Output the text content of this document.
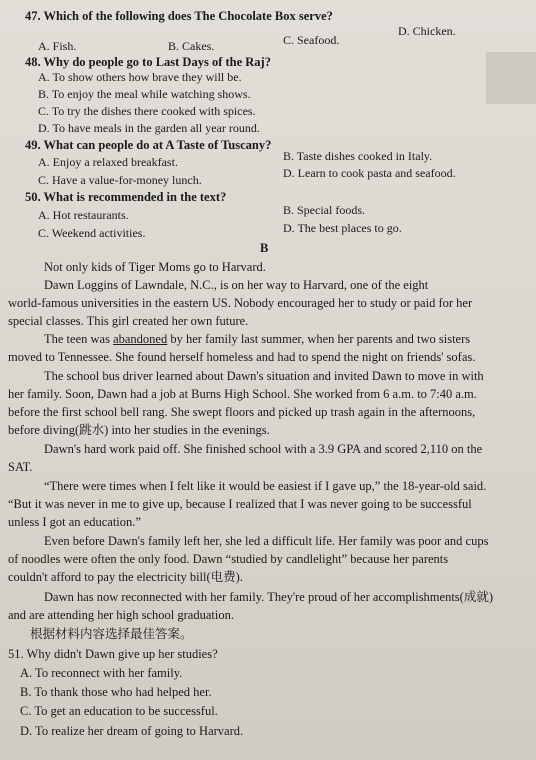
47. Which of the following does The Chocolate Box serve?
A. Fish.	B. Cakes.	C. Seafood.
D. Chicken.
48. Why do people go to Last Days of the Raj?
A. To show others how brave they will be.
B. To enjoy the meal while watching shows.
C. To try the dishes there cooked with spices.
D. To have meals in the garden all year round.
49. What can people do at A Taste of Tuscany?
A. Enjoy a relaxed breakfast.	B. Taste dishes cooked in Italy.
C. Have a value-for-money lunch.	D. Learn to cook pasta and seafood.
50. What is recommended in the text?
A. Hot restaurants.	B. Special foods.
C. Weekend activities.	D. The best places to go.
B
Not only kids of Tiger Moms go to Harvard.
Dawn Loggins of Lawndale, N.C., is on her way to Harvard, one of the eight
world-famous universities in the eastern US. Nobody encouraged her to study or paid for her
special classes. This girl created her own future.
The teen was abandoned by her family last summer, when her parents and two sisters
moved to Tennessee. She found herself homeless and had to spend the night on friends' sofas.
The school bus driver learned about Dawn's situation and invited Dawn to move in with
her family. Soon, Dawn had a job at Burns High School. She worked from 6 a.m. to 7:40 a.m.
before the first school bell rang. She swept floors and picked up trash again in the afternoons,
before diving(跳水) into her studies in the evenings.
Dawn's hard work paid off. She finished school with a 3.9 GPA and scored 2,110 on the
SAT.
“There were times when I felt like it would be easiest if I gave up,” the 18-year-old said.
“But it was never in me to give up, because I realized that I was never going to be successful
unless I got an education.”
Even before Dawn's family left her, she led a difficult life. Her family was poor and cups
of noodles were often the only food. Dawn “studied by candlelight” because her parents
couldn't afford to pay the electricity bill(电费).
Dawn has now reconnected with her family. They're proud of her accomplishments(成就)
and are attending her high school graduation.
根据材料内容选择最佳答案。
51. Why didn't Dawn give up her studies?
A. To reconnect with her family.
B. To thank those who had helped her.
C. To get an education to be successful.
D. To realize her dream of going to Harvard.
